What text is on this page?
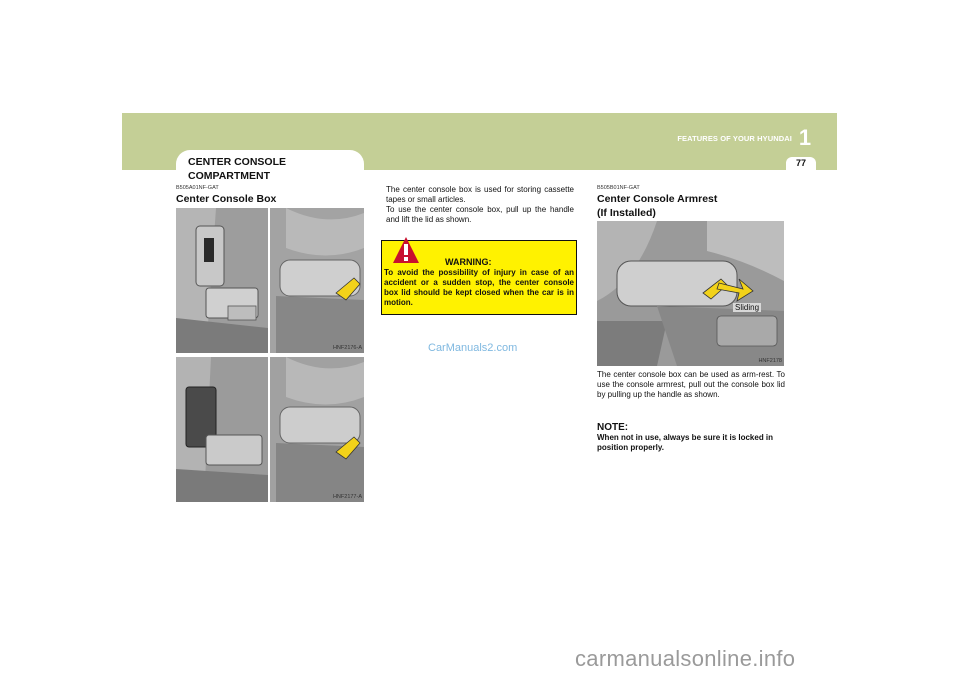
1
FEATURES OF YOUR HYUNDAI
77
CENTER CONSOLE
COMPARTMENT
B505A01NF-GAT
Center Console Box
HNF2176-A
HNF2177-A
The center console box is used for storing cassette tapes or small articles.
To use the center console box, pull up the handle and lift the lid as shown.
WARNING:
To avoid the possibility of injury in case of an accident or a sudden stop, the center console box lid should be kept closed when the car is in motion.
CarManuals2.com
B505B01NF-GAT
Center Console Armrest
(If Installed)
Sliding
HNF2178
The center console box can be used as arm-rest. To use the console armrest, pull out the console box lid by pulling up the handle as shown.
NOTE:
When not in use, always be sure it is locked in position properly.
carmanualsonline.info
